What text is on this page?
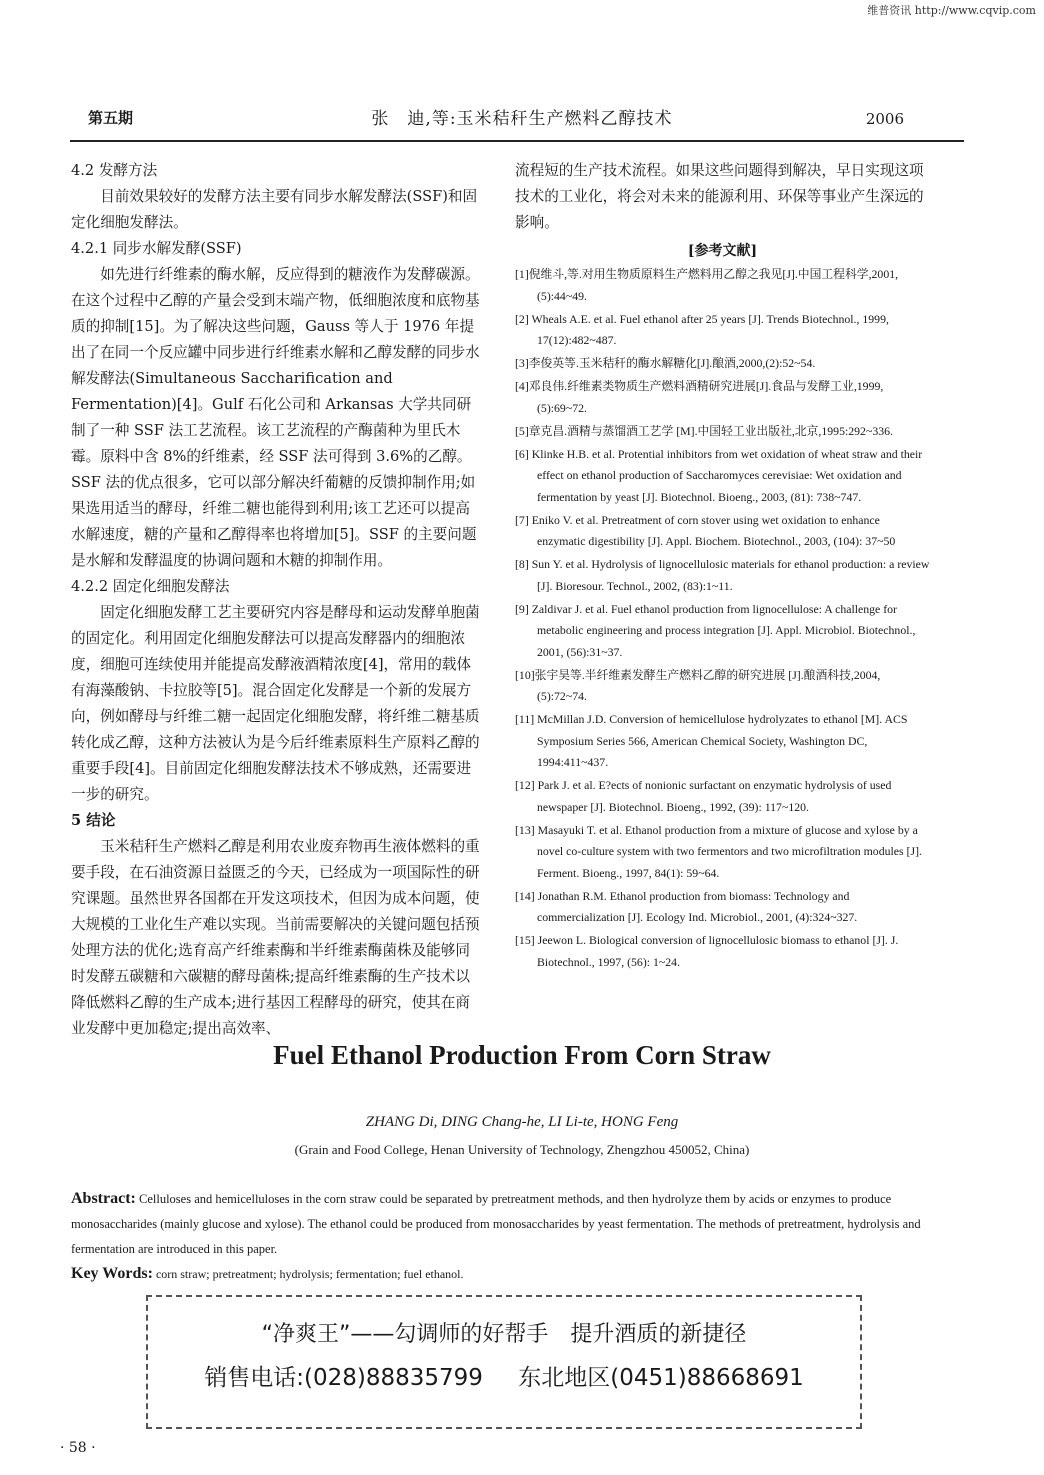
维普资讯 http://www.cqvip.com
第五期	张　迪,等:玉米秸秆生产燃料乙醇技术	2006

4.2 发酵方法

目前效果较好的发酵方法主要有同步水解发酵法(SSF)和固定化细胞发酵法。

4.2.1 同步水解发酵(SSF)

如先进行纤维素的酶水解，反应得到的糖液作为发酵碳源。在这个过程中乙醇的产量会受到末端产物，低细胞浓度和底物基质的抑制[15]。为了解决这些问题，Gauss 等人于 1976 年提出了在同一个反应罐中同步进行纤维素水解和乙醇发酵的同步水解发酵法(Simultaneous Saccharification and Fermentation)[4]。Gulf 石化公司和 Arkansas 大学共同研制了一种 SSF 法工艺流程。该工艺流程的产酶菌种为里氏木霉。原料中含 8%的纤维素，经 SSF 法可得到 3.6%的乙醇。SSF 法的优点很多，它可以部分解决纤葡糖的反馈抑制作用;如果选用适当的酵母，纤维二糖也能得到利用;该工艺还可以提高水解速度，糖的产量和乙醇得率也将增加[5]。SSF 的主要问题是水解和发酵温度的协调问题和木糖的抑制作用。

4.2.2 固定化细胞发酵法

固定化细胞发酵工艺主要研究内容是酵母和运动发酵单胞菌的固定化。利用固定化细胞发酵法可以提高发酵器内的细胞浓度，细胞可连续使用并能提高发酵液酒精浓度[4]，常用的载体有海藻酸钠、卡拉胶等[5]。混合固定化发酵是一个新的发展方向，例如酵母与纤维二糖一起固定化细胞发酵，将纤维二糖基质转化成乙醇，这种方法被认为是今后纤维素原料生产原料乙醇的重要手段[4]。目前固定化细胞发酵法技术不够成熟，还需要进一步的研究。

5 结论

玉米秸秆生产燃料乙醇是利用农业废弃物再生液体燃料的重要手段，在石油资源日益匮乏的今天，已经成为一项国际性的研究课题。虽然世界各国都在开发这项技术，但因为成本问题，使大规模的工业化生产难以实现。当前需要解决的关键问题包括预处理方法的优化;选育高产纤维素酶和半纤维素酶菌株及能够同时发酵五碳糖和六碳糖的酵母菌株;提高纤维素酶的生产技术以降低燃料乙醇的生产成本;进行基因工程酵母的研究，使其在商业发酵中更加稳定;提出高效率、

流程短的生产技术流程。如果这些问题得到解决，早日实现这项技术的工业化，将会对未来的能源利用、环保等事业产生深远的影响。

[参考文献]
[1]倪维斗,等.对用生物质原料生产燃料用乙醇之我见[J].中国工程科学,2001,(5):44~49.
[2] Wheals A.E. et al. Fuel ethanol after 25 years [J]. Trends Biotechnol., 1999, 17(12):482~487.
[3]李俊英等.玉米秸秆的酶水解糖化[J].酿酒,2000,(2):52~54.
[4]邓良伟.纤维素类物质生产燃料酒精研究进展[J].食品与发酵工业,1999,(5):69~72.
[5]章克昌.酒精与蒸馏酒工艺学 [M].中国轻工业出版社,北京,1995:292~336.
[6] Klinke H.B. et al. Protential inhibitors from wet oxidation of wheat straw and their effect on ethanol production of Saccharomyces cerevisiae: Wet oxidation and fermentation by yeast [J]. Biotechnol. Bioeng., 2003, (81): 738~747.
[7] Eniko V. et al. Pretreatment of corn stover using wet oxidation to enhance enzymatic digestibility [J]. Appl. Biochem. Biotechnol., 2003, (104): 37~50
[8] Sun Y. et al. Hydrolysis of lignocellulosic materials for ethanol production: a review [J]. Bioresour. Technol., 2002, (83):1~11.
[9] Zaldivar J. et al. Fuel ethanol production from lignocellulose: A challenge for metabolic engineering and process integration [J]. Appl. Microbiol. Biotechnol., 2001, (56):31~37.
[10]张宇昊等.半纤维素发酵生产燃料乙醇的研究进展 [J].酿酒科技,2004,(5):72~74.
[11] McMillan J.D. Conversion of hemicellulose hydrolyzates to ethanol [M]. ACS Symposium Series 566, American Chemical Society, Washington DC, 1994:411~437.
[12] Park J. et al. E?ects of nonionic surfactant on enzymatic hydrolysis of used newspaper [J]. Biotechnol. Bioeng., 1992, (39): 117~120.
[13] Masayuki T. et al. Ethanol production from a mixture of glucose and xylose by a novel co-culture system with two fermentors and two microfiltration modules [J]. Ferment. Bioeng., 1997, 84(1): 59~64.
[14] Jonathan R.M. Ethanol production from biomass: Technology and commercialization [J]. Ecology Ind. Microbiol., 2001, (4):324~327.
[15] Jeewon L. Biological conversion of lignocellulosic biomass to ethanol [J]. J. Biotechnol., 1997, (56): 1~24.
Fuel Ethanol Production From Corn Straw
ZHANG Di, DING Chang-he, LI Li-te, HONG Feng
(Grain and Food College, Henan University of Technology, Zhengzhou 450052, China)
Abstract: Celluloses and hemicelluloses in the corn straw could be separated by pretreatment methods, and then hydrolyze them by acids or enzymes to produce monosaccharides (mainly glucose and xylose). The ethanol could be produced from monosaccharides by yeast fermentation. The methods of pretreatment, hydrolysis and fermentation are introduced in this paper.
Key Words: corn straw; pretreatment; hydrolysis; fermentation; fuel ethanol.
“净爽王”——勾调师的好帮手　提升酒质的新捷径
销售电话:(028)88835799 东北地区(0451)88668691
· 58 ·
